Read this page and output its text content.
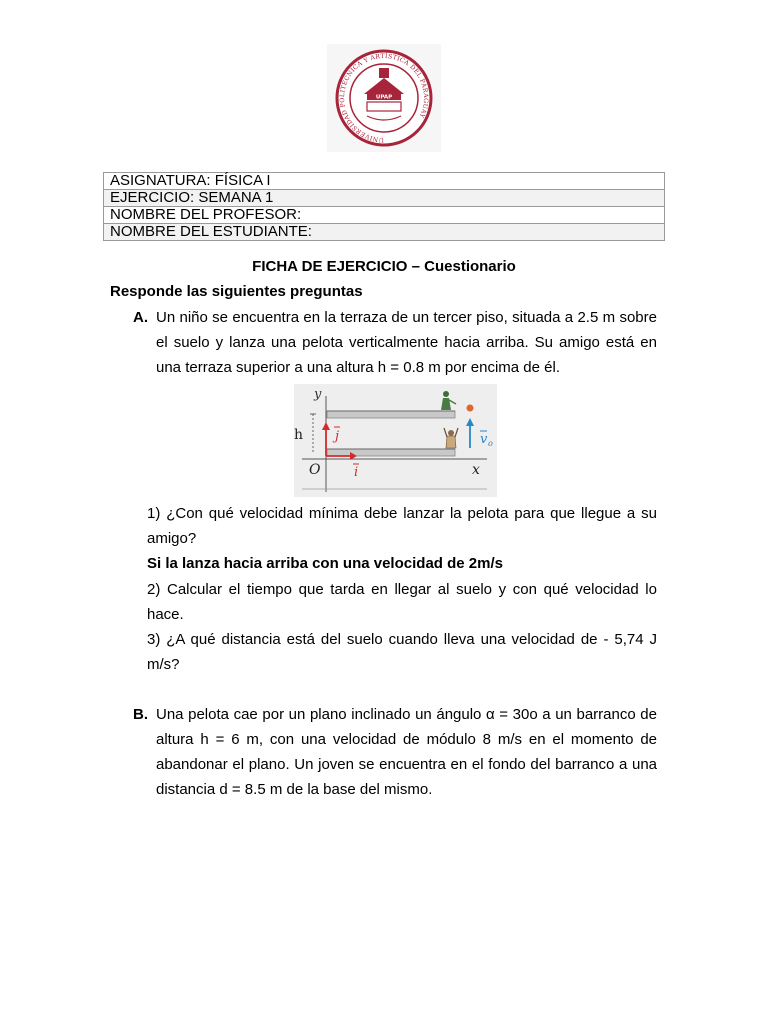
UNIVERSIDAD POLITÉCNICA Y ARTÍSTICA DEL PARAGUAY
UPAP
ASIGNATURA: FÍSICA I
EJERCICIO: SEMANA 1
NOMBRE DEL PROFESOR:
NOMBRE DEL ESTUDIANTE:
FICHA DE EJERCICIO – Cuestionario
Responde las siguientes preguntas
A. Un niño se encuentra en la terraza de un tercer piso, situada a 2.5 m sobre el suelo y lanza una pelota verticalmente hacia arriba. Su amigo está en una terraza superior a una altura h = 0.8 m por encima de él.
y
h j
i
O	x
v o
1) ¿Con qué velocidad mínima debe lanzar la pelota para que llegue a su amigo?
Si la lanza hacia arriba con una velocidad de 2m/s
2) Calcular el tiempo que tarda en llegar al suelo y con qué velocidad lo hace.
3) ¿A qué distancia está del suelo cuando lleva una velocidad de - 5,74 J m/s?
B. Una pelota cae por un plano inclinado un ángulo α = 30o a un barranco de altura h = 6 m, con una velocidad de módulo 8 m/s en el momento de abandonar el plano. Un joven se encuentra en el fondo del barranco a una distancia d = 8.5 m de la base del mismo.
